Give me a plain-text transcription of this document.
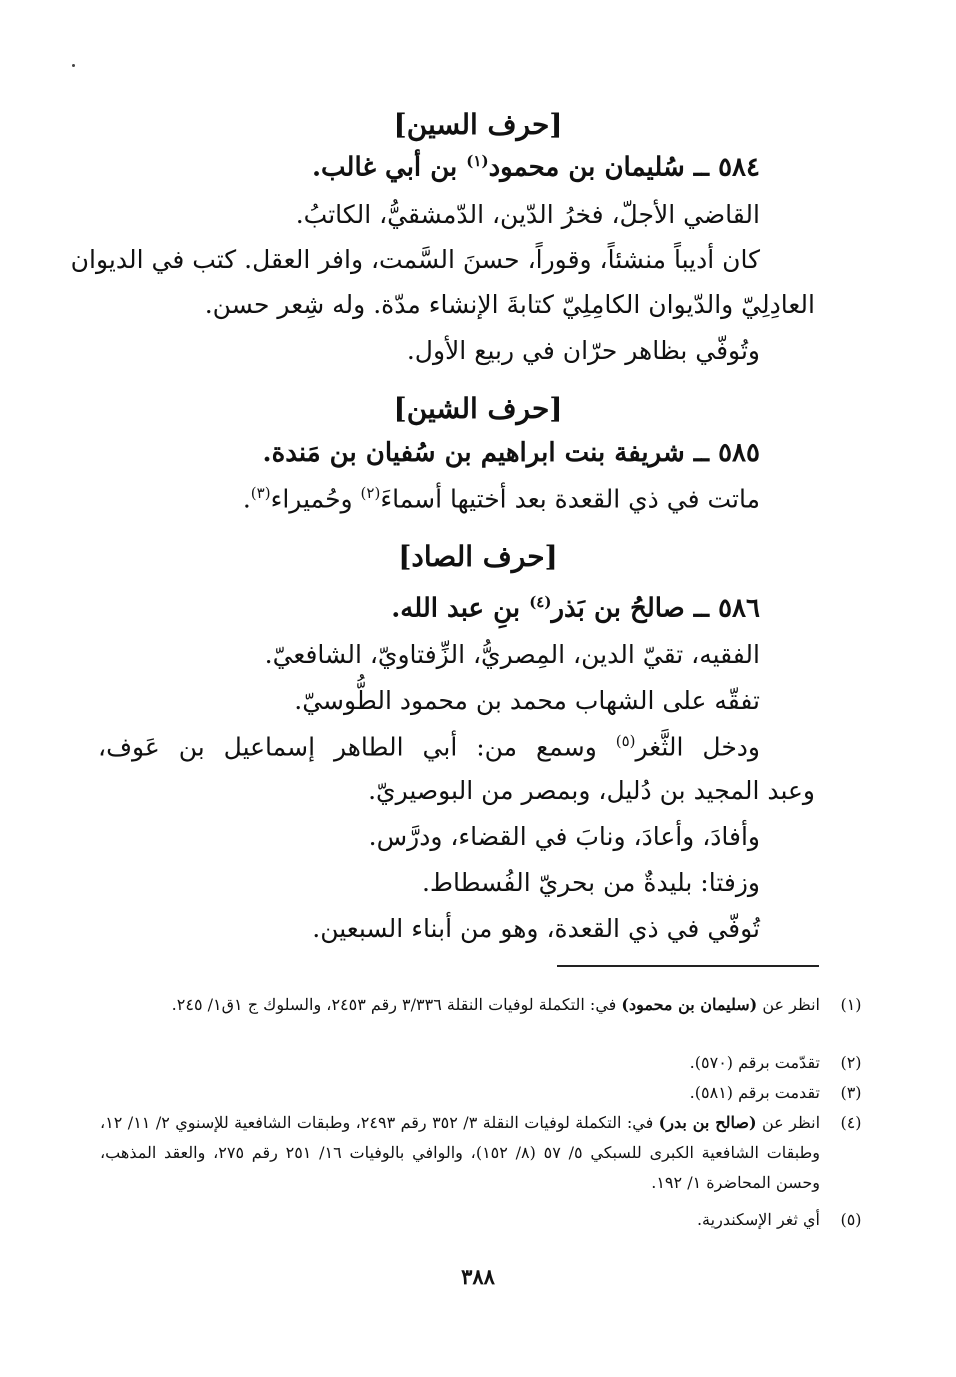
[حرف السين]
٥٨٤ ــ سُليمان بن محمود$^{(١)}$ بن أبي غالب.
القاضي الأجلّ، فخرُ الدّين، الدّمشقيُّ، الكاتبُ.
كان أديباً منشئاً، وقوراً، حسنَ السَّمت، وافر العقل. كتب في الديوان
العادِلِيّ والدّيوان الكامِلِيّ كتابةَ الإنشاء مدّة. وله شِعر حسن.
وتُوفّي بظاهر حرّان في ربيع الأول.
[حرف الشين]
٥٨٥ ــ شريفة بنت ابراهيم بن سُفيان بن مَندة.
ماتت في ذي القعدة بعد أختيها أسماءَ$^{(٢)}$ وحُميراء$^{(٣)}$.
[حرف الصاد]
٥٨٦ ــ صالحُ بن بَذر$^{(٤)}$ بنِ عبد الله.
الفقيه، تقيّ الدين، المِصريُّ، الزِّفتاويّ، الشافعيّ.
تفقّه على الشهاب محمد بن محمود الطُّوسيّ.
ودخل الثَّغر$^{(٥)}$ وسمع من: أبي الطاهر إسماعيل بن عَوف،
وعبد المجيد بن دُليل، وبمصر من البوصيريّ.
وأفادَ، وأعادَ، ونابَ في القضاء، ودرَّس.
وزفتا: بليدةٌ من بحريّ الفُسطاط.
تُوفّي في ذي القعدة، وهو من أبناء السبعين.
(١)
انظر عن (سليمان بن محمود) في: التكملة لوفيات النقلة ٣/٣٣٦ رقم ٢٤٥٣، والسلوك ج ١ق١/ ٢٤٥.
(٢)
تقدّمت برقم (٥٧٠).
(٣)
تقدمت برقم (٥٨١).
(٤)
انظر عن (صالح بن بدر) في: التكملة لوفيات النقلة ٣/ ٣٥٢ رقم ٢٤٩٣، وطبقات الشافعية للإسنوي ٢/ ١١/ ١٢، وطبقات الشافعية الكبرى للسبكي ٥/ ٥٧ (٨/ ١٥٢)، والوافي بالوفيات ١٦/ ٢٥١ رقم ٢٧٥، والعقد المذهب، وحسن المحاضرة ١/ ١٩٢.
(٥)
أي ثغر الإسكندرية.
٣٨٨
